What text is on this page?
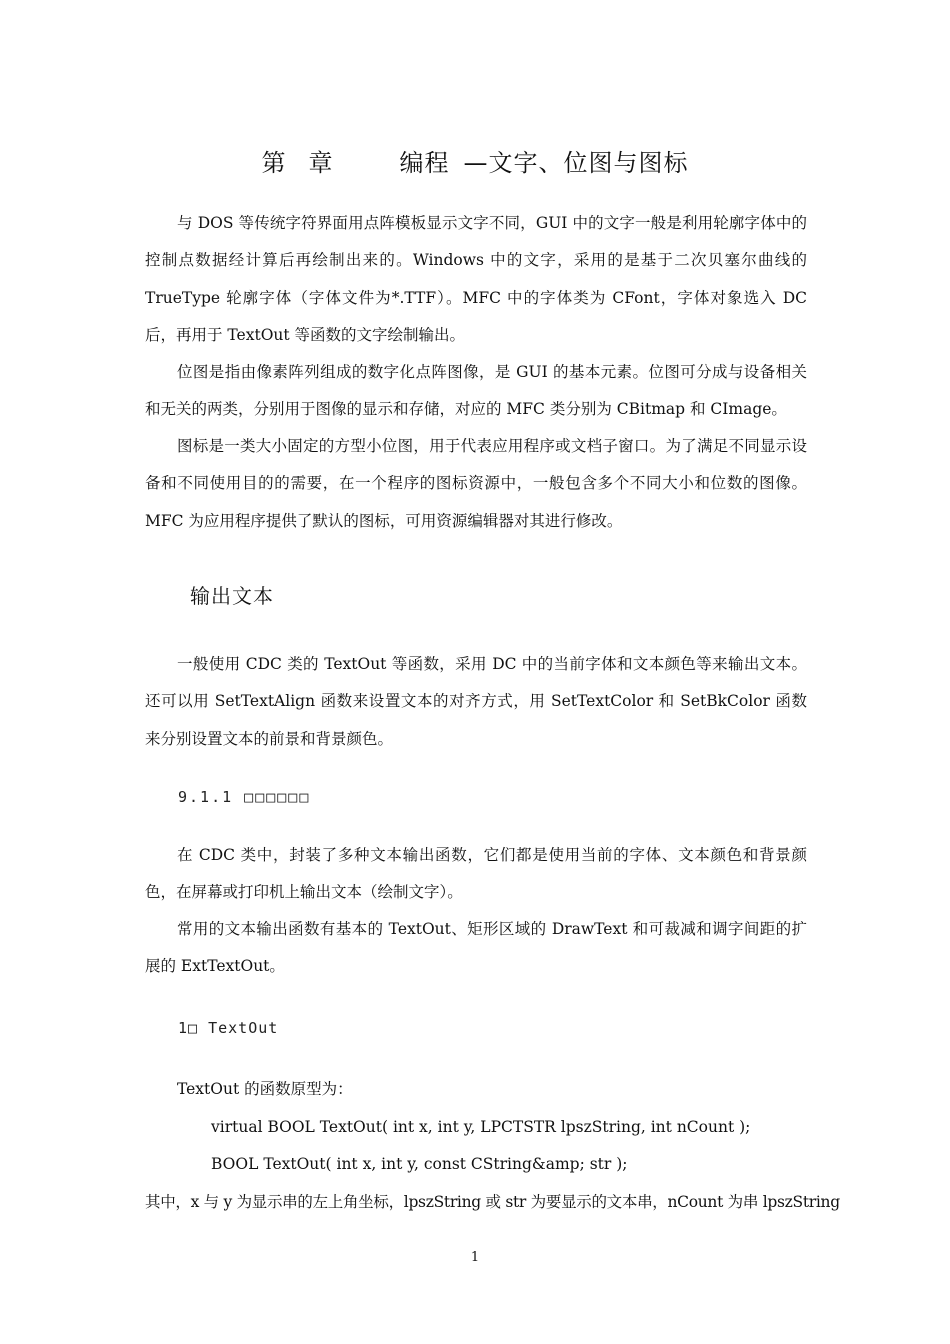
第 章	编程 —文字、位图与图标

与 DOS 等传统字符界面用点阵模板显示文字不同，GUI 中的文字一般是利用轮廓字体中的控制点数据经计算后再绘制出来的。Windows 中的文字，采用的是基于二次贝塞尔曲线的 TrueType 轮廓字体（字体文件为*.TTF）。MFC 中的字体类为 CFont，字体对象选入 DC 后，再用于 TextOut 等函数的文字绘制输出。

位图是指由像素阵列组成的数字化点阵图像，是 GUI 的基本元素。位图可分成与设备相关和无关的两类，分别用于图像的显示和存储，对应的 MFC 类分别为 CBitmap 和 CImage。

图标是一类大小固定的方型小位图，用于代表应用程序或文档子窗口。为了满足不同显示设备和不同使用目的的需要，在一个程序的图标资源中，一般包含多个不同大小和位数的图像。MFC 为应用程序提供了默认的图标，可用资源编辑器对其进行修改。

输出文本

一般使用 CDC 类的 TextOut 等函数，采用 DC 中的当前字体和文本颜色等来输出文本。还可以用 SetTextAlign 函数来设置文本的对齐方式，用 SetTextColor 和 SetBkColor 函数来分别设置文本的前景和背景颜色。

9.1.1 □□□□□□

在 CDC 类中，封装了多种文本输出函数，它们都是使用当前的字体、文本颜色和背景颜色，在屏幕或打印机上输出文本（绘制文字）。

常用的文本输出函数有基本的 TextOut、矩形区域的 DrawText 和可裁减和调字间距的扩展的 ExtTextOut。

1□ TextOut

TextOut 的函数原型为：

virtual BOOL TextOut( int x, int y, LPCTSTR lpszString, int nCount );
BOOL TextOut( int x, int y, const CString&amp; str );

其中，x 与 y 为显示串的左上角坐标，lpszString 或 str 为要显示的文本串，nCount 为串 lpszString

1
